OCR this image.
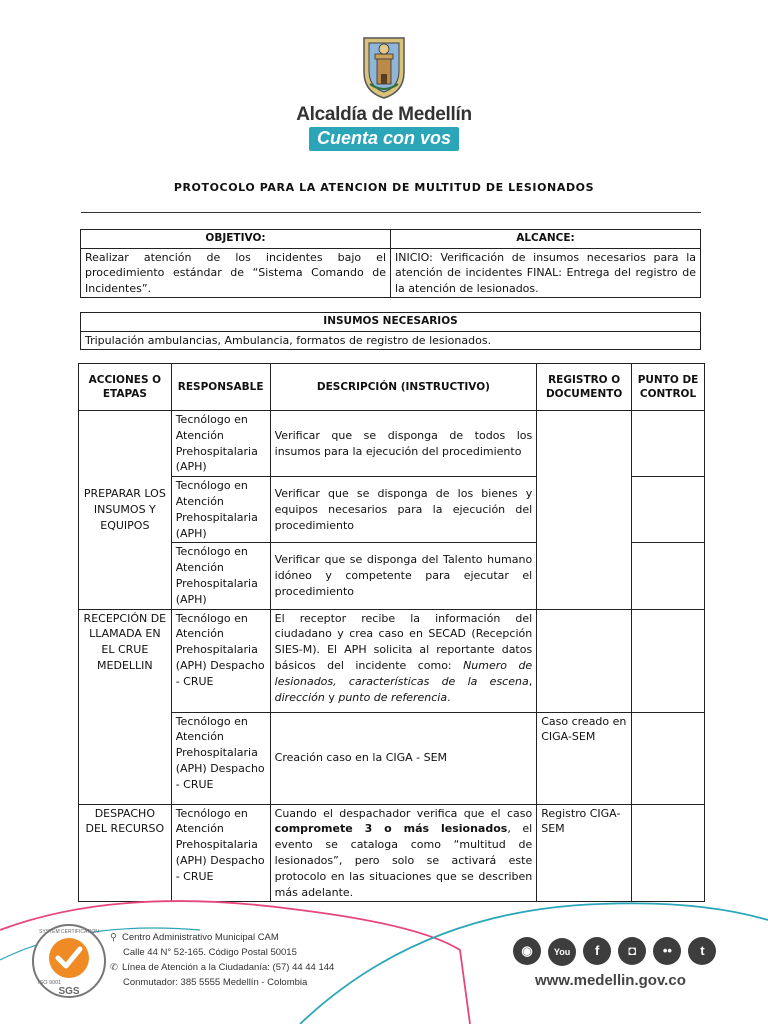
Alcaldía de Medellín
Cuenta con vos
PROTOCOLO PARA LA ATENCION DE MULTITUD DE LESIONADOS
OBJETIVO:	ALCANCE:
Realizar atención de los incidentes bajo el procedimiento estándar de “Sistema Comando de Incidentes”.	INICIO: Verificación de insumos necesarios para la atención de incidentes FINAL: Entrega del registro de la atención de lesionados.
INSUMOS NECESARIOS
Tripulación ambulancias, Ambulancia, formatos de registro de lesionados.
ACCIONES O ETAPAS	RESPONSABLE	DESCRIPCIÓN (INSTRUCTIVO)	REGISTRO O DOCUMENTO	PUNTO DE CONTROL
PREPARAR LOS INSUMOS Y EQUIPOS	Tecnólogo en Atención Prehospitalaria (APH)	Verificar que se disponga de todos los insumos para la ejecución del procedimiento		
	Tecnólogo en Atención Prehospitalaria (APH)	Verificar que se disponga de los bienes y equipos necesarios para la ejecución del procedimiento		
	Tecnólogo en Atención Prehospitalaria (APH)	Verificar que se disponga del Talento humano idóneo y competente para ejecutar el procedimiento		
RECEPCIÓN DE LLAMADA EN EL CRUE MEDELLIN	Tecnólogo en Atención Prehospitalaria (APH) Despacho - CRUE	El receptor recibe la información del ciudadano y crea caso en SECAD (Recepción SIES-M). El APH solicita al reportante datos básicos del incidente como: Numero de lesionados, características de la escena, dirección y punto de referencia.		
	Tecnólogo en Atención Prehospitalaria (APH) Despacho - CRUE	Creación caso en la CIGA - SEM	Caso creado en CIGA-SEM	
DESPACHO DEL RECURSO	Tecnólogo en Atención Prehospitalaria (APH) Despacho - CRUE	Cuando el despachador verifica que el caso compromete 3 o más lesionados, el evento se cataloga como “multitud de lesionados”, pero solo se activará este protocolo en las situaciones que se describen más adelante.	Registro CIGA-SEM	
SGS
SYSTEM CERTIFICATION
ISO 9001
⚲ Centro Administrativo Municipal CAM
Calle 44 N° 52-165. Código Postal 50015
✆ Línea de Atención a la Ciudadanía: (57) 44 44 144
Conmutador: 385 5555 Medellín - Colombia
◉ You f ◘ •• t
www.medellin.gov.co
